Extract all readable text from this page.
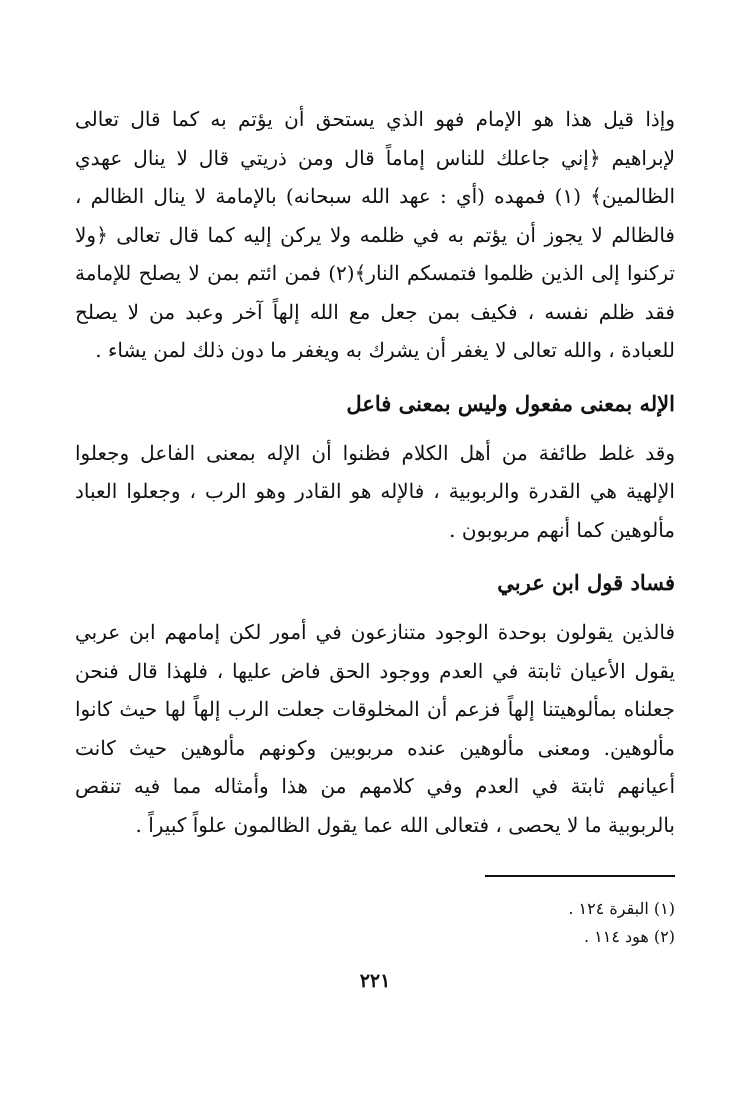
وإذا قيل هذا هو الإمام فهو الذي يستحق أن يؤتم به كما قال تعالى لإبراهيم ﴿إني جاعلك للناس إماماً قال ومن ذريتي قال لا ينال عهدي الظالمين﴾ (١) فمهده (أي : عهد الله سبحانه) بالإمامة لا ينال الظالم ، فالظالم لا يجوز أن يؤتم به في ظلمه ولا يركن إليه كما قال تعالى ﴿ولا تركنوا إلى الذين ظلموا فتمسكم النار﴾(٢) فمن ائتم بمن لا يصلح للإمامة فقد ظلم نفسه ، فكيف بمن جعل مع الله إلهاً آخر وعبد من لا يصلح للعبادة ، والله تعالى لا يغفر أن يشرك به ويغفر ما دون ذلك لمن يشاء .

الإله بمعنى مفعول وليس بمعنى فاعل

وقد غلط طائفة من أهل الكلام فظنوا أن الإله بمعنى الفاعل وجعلوا الإلهية هي القدرة والربوبية ، فالإله هو القادر وهو الرب ، وجعلوا العباد مألوهين كما أنهم مربوبون .

فساد قول ابن عربي

فالذين يقولون بوحدة الوجود متنازعون في أمور لكن إمامهم ابن عربي يقول الأعيان ثابتة في العدم ووجود الحق فاض عليها ، فلهذا قال فنحن جعلناه بمألوهيتنا إلهاً فزعم أن المخلوقات جعلت الرب إلهاً لها حيث كانوا مألوهين. ومعنى مألوهين عنده مربوبين وكونهم مألوهين حيث كانت أعيانهم ثابتة في العدم وفي كلامهم من هذا وأمثاله مما فيه تنقص بالربوبية ما لا يحصى ، فتعالى الله عما يقول الظالمون علواً كبيراً .

(١) البقرة ١٢٤ .

(٢) هود ١١٤ .

٢٢١
